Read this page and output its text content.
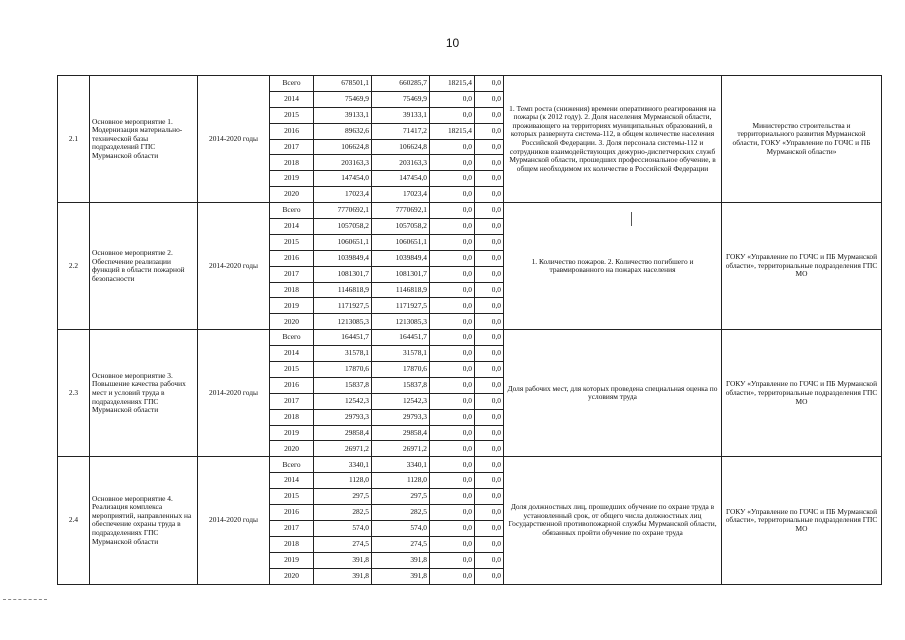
10
2.1	Основное мероприятие 1. Модернизация материально-технической базы подразделений ГПС Мурманской области	2014-2020 годы	Всего	678501,1	660285,7	18215,4	0,0	1. Темп роста (снижения) времени оперативного реагирования на пожары (к 2012 году). 2. Доля населения Мурманской области, проживающего на территориях муниципальных образований, в которых развернута система-112, в общем количестве населения Российской Федерации. 3. Доля персонала системы-112 и сотрудников взаимодействующих дежурно-диспетчерских служб Мурманской области, прошедших профессиональное обучение, в общем необходимом их количестве в Российской Федерации	Министерство строительства и территориального развития Мурманской области, ГОКУ «Управление по ГОЧС и ПБ Мурманской области»
			2014	75469,9	75469,9	0,0	0,0		
			2015	39133,1	39133,1	0,0	0,0		
			2016	89632,6	71417,2	18215,4	0,0		
			2017	106624,8	106624,8	0,0	0,0		
			2018	203163,3	203163,3	0,0	0,0		
			2019	147454,0	147454,0	0,0	0,0		
			2020	17023,4	17023,4	0,0	0,0		
2.2	Основное мероприятие 2. Обеспечение реализации функций в области пожарной безопасности	2014-2020 годы	Всего	7770692,1	7770692,1	0,0	0,0	1. Количество пожаров. 2. Количество погибшего и травмированного на пожарах населения	ГОКУ «Управление по ГОЧС и ПБ Мурманской области», территориальные подразделения ГПС МО
			2014	1057058,2	1057058,2	0,0	0,0		
			2015	1060651,1	1060651,1	0,0	0,0		
			2016	1039849,4	1039849,4	0,0	0,0		
			2017	1081301,7	1081301,7	0,0	0,0		
			2018	1146818,9	1146818,9	0,0	0,0		
			2019	1171927,5	1171927,5	0,0	0,0		
			2020	1213085,3	1213085,3	0,0	0,0		
2.3	Основное мероприятие 3. Повышение качества рабочих мест и условий труда в подразделениях ГПС Мурманской области	2014-2020 годы	Всего	164451,7	164451,7	0,0	0,0	Доля рабочих мест, для которых проведена специальная оценка по условиям труда	ГОКУ «Управление по ГОЧС и ПБ Мурманской области», территориальные подразделения ГПС МО
			2014	31578,1	31578,1	0,0	0,0		
			2015	17870,6	17870,6	0,0	0,0		
			2016	15837,8	15837,8	0,0	0,0		
			2017	12542,3	12542,3	0,0	0,0		
			2018	29793,3	29793,3	0,0	0,0		
			2019	29858,4	29858,4	0,0	0,0		
			2020	26971,2	26971,2	0,0	0,0		
2.4	Основное мероприятие 4. Реализация комплекса мероприятий, направленных на обеспечение охраны труда в подразделениях ГПС Мурманской области	2014-2020 годы	Всего	3340,1	3340,1	0,0	0,0	Доля должностных лиц, прошедших обучение по охране труда в установленный срок, от общего числа должностных лиц Государственной противопожарной службы Мурманской области, обязанных пройти обучение по охране труда	ГОКУ «Управление по ГОЧС и ПБ Мурманской области», территориальные подразделения ГПС МО
			2014	1128,0	1128,0	0,0	0,0		
			2015	297,5	297,5	0,0	0,0		
			2016	282,5	282,5	0,0	0,0		
			2017	574,0	574,0	0,0	0,0		
			2018	274,5	274,5	0,0	0,0		
			2019	391,8	391,8	0,0	0,0		
			2020	391,8	391,8	0,0	0,0		
